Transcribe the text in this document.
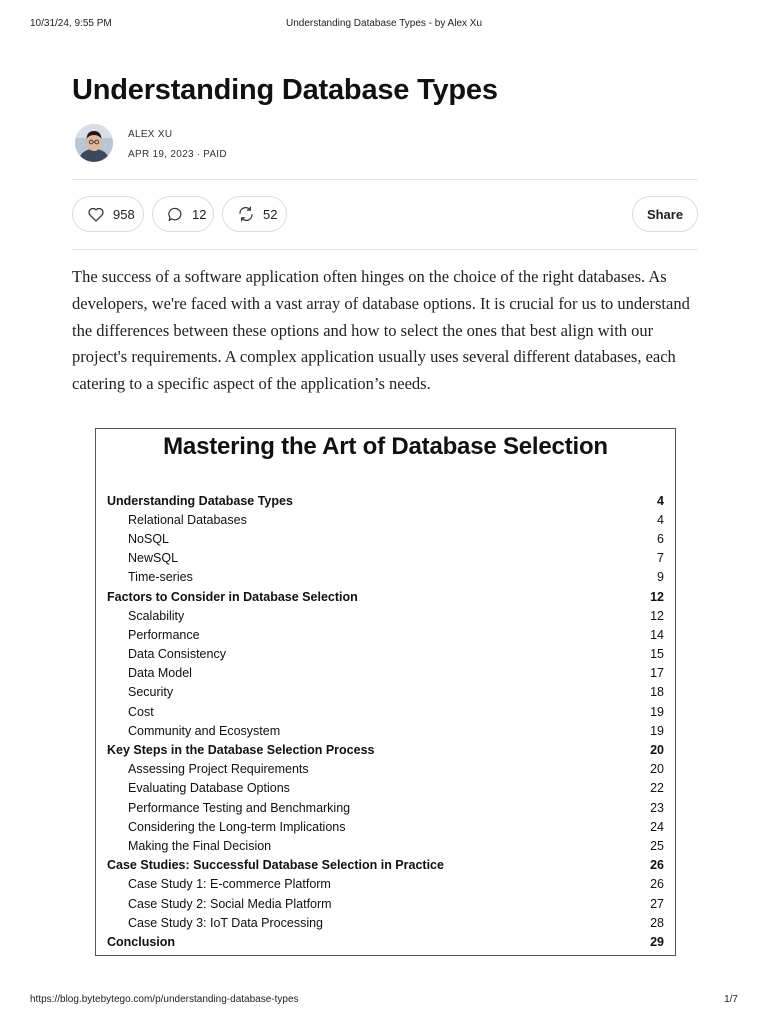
10/31/24, 9:55 PM	Understanding Database Types - by Alex Xu
Understanding Database Types
ALEX XU
APR 19, 2023 ∙ PAID
958	12	52	Share

The success of a software application often hinges on the choice of the right databases. As developers, we're faced with a vast array of database options. It is crucial for us to understand the differences between these options and how to select the ones that best align with our project's requirements. A complex application usually uses several different databases, each catering to a specific aspect of the application’s needs.

Mastering the Art of Database Selection
Understanding Database Types	4
Relational Databases	4
NoSQL	6
NewSQL	7
Time-series	9
Factors to Consider in Database Selection	12
Scalability	12
Performance	14
Data Consistency	15
Data Model	17
Security	18
Cost	19
Community and Ecosystem	19
Key Steps in the Database Selection Process	20
Assessing Project Requirements	20
Evaluating Database Options	22
Performance Testing and Benchmarking	23
Considering the Long-term Implications	24
Making the Final Decision	25
Case Studies: Successful Database Selection in Practice	26
Case Study 1: E-commerce Platform	26
Case Study 2: Social Media Platform	27
Case Study 3: IoT Data Processing	28
Conclusion	29
https://blog.bytebytego.com/p/understanding-database-types	1/7
